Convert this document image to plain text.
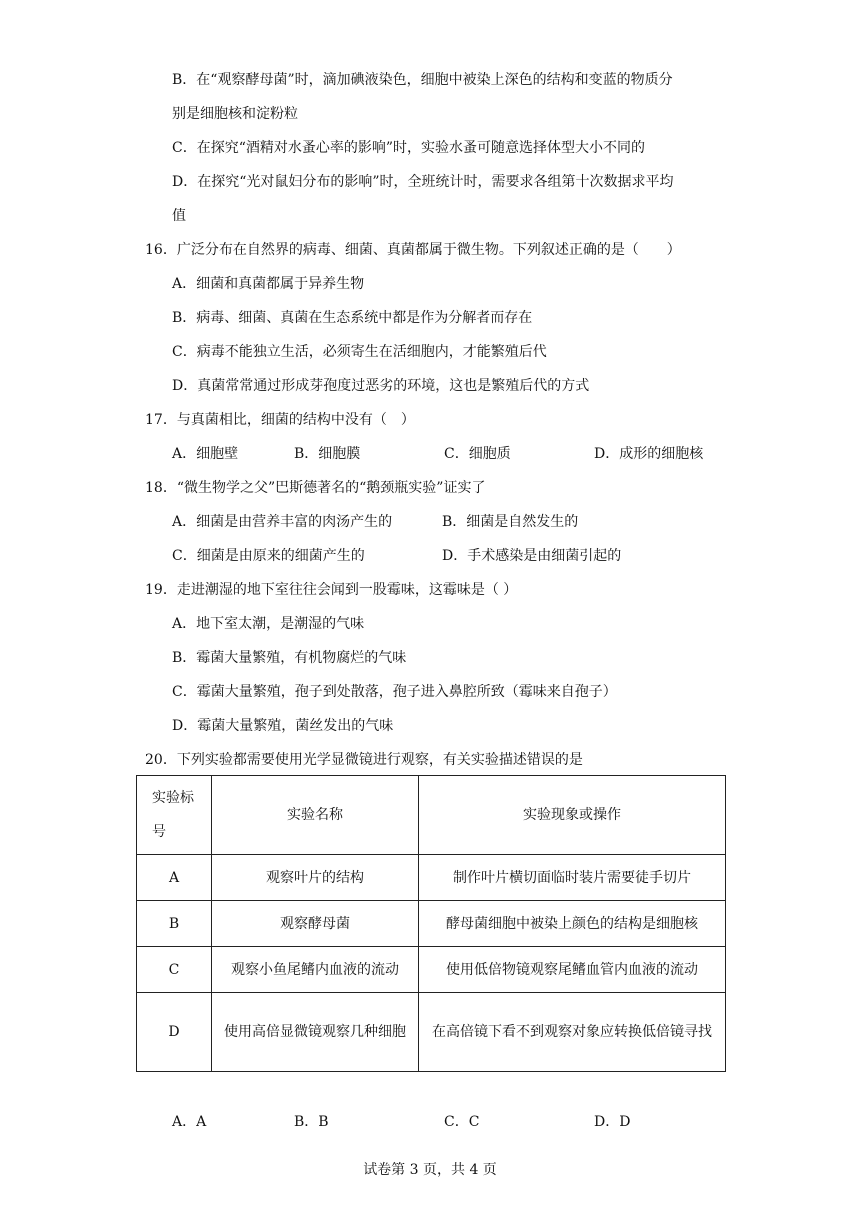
B．在“观察酵母菌”时，滴加碘液染色，细胞中被染上深色的结构和变蓝的物质分
别是细胞核和淀粉粒
C．在探究“酒精对水蚤心率的影响”时，实验水蚤可随意选择体型大小不同的
D．在探究“光对鼠妇分布的影响”时，全班统计时，需要求各组第十次数据求平均
值
16．广泛分布在自然界的病毒、细菌、真菌都属于微生物。下列叙述正确的是（　　）
A．细菌和真菌都属于异养生物
B．病毒、细菌、真菌在生态系统中都是作为分解者而存在
C．病毒不能独立生活，必须寄生在活细胞内，才能繁殖后代
D．真菌常常通过形成芽孢度过恶劣的环境，这也是繁殖后代的方式
17．与真菌相比，细菌的结构中没有（　）
A．细胞壁	B．细胞膜	C．细胞质	D．成形的细胞核
18．“微生物学之父”巴斯德著名的“鹅颈瓶实验”证实了
A．细菌是由营养丰富的肉汤产生的	B．细菌是自然发生的
C．细菌是由原来的细菌产生的	D．手术感染是由细菌引起的
19．走进潮湿的地下室往往会闻到一股霉味，这霉味是（ ）
A．地下室太潮，是潮湿的气味
B．霉菌大量繁殖，有机物腐烂的气味
C．霉菌大量繁殖，孢子到处散落，孢子进入鼻腔所致（霉味来自孢子）
D．霉菌大量繁殖，菌丝发出的气味
20．下列实验都需要使用光学显微镜进行观察，有关实验描述错误的是
实验标号	实验名称	实验现象或操作
A	观察叶片的结构	制作叶片横切面临时装片需要徒手切片
B	观察酵母菌	酵母菌细胞中被染上颜色的结构是细胞核
C	观察小鱼尾鳍内血液的流动	使用低倍物镜观察尾鳍血管内血液的流动
D	使用高倍显微镜观察几种细胞	在高倍镜下看不到观察对象应转换低倍镜寻找
A．A	B．B	C．C	D．D
试卷第 3 页，共 4 页
